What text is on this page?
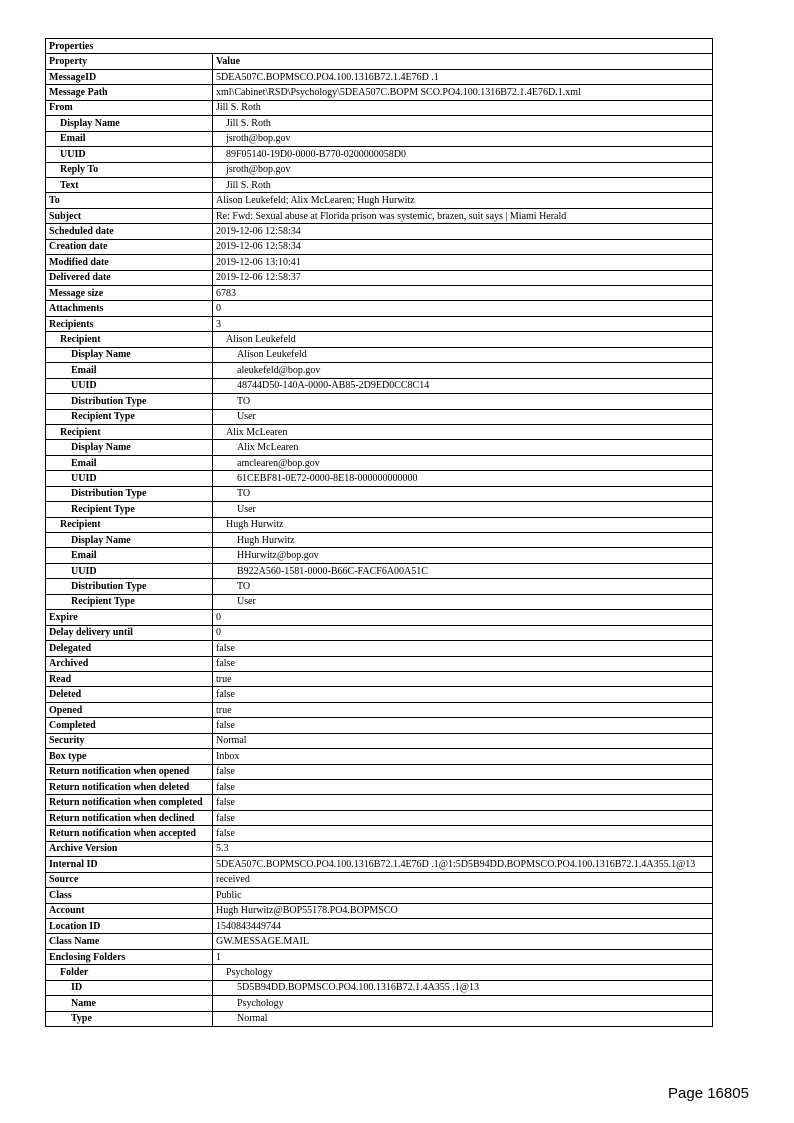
Properties	
Property	Value
MessageID	5DEA507C.BOPMSCO.PO4.100.1316B72.1.4E76D .1
Message Path	xml\Cabinet\RSD\Psychology\5DEA507C.BOPM SCO.PO4.100.1316B72.1.4E76D.1.xml
From	Jill S. Roth
Display Name	Jill S. Roth
Email	jsroth@bop.gov
UUID	89F05140-19D0-0000-B770-0200000058D0
Reply To	jsroth@bop.gov
Text	Jill S. Roth
To	Alison Leukefeld; Alix McLearen; Hugh Hurwitz
Subject	Re: Fwd: Sexual abuse at Florida prison was systemic, brazen, suit says | Miami Herald
Scheduled date	2019-12-06 12:58:34
Creation date	2019-12-06 12:58:34
Modified date	2019-12-06 13:10:41
Delivered date	2019-12-06 12:58:37
Message size	6783
Attachments	0
Recipients	3
Recipient	Alison Leukefeld
Display Name	Alison Leukefeld
Email	aleukefeld@bop.gov
UUID	48744D50-140A-0000-AB85-2D9ED0CC8C14
Distribution Type	TO
Recipient Type	User
Recipient	Alix McLearen
Display Name	Alix McLearen
Email	amclearen@bop.gov
UUID	61CEBF81-0E72-0000-8E18-000000000000
Distribution Type	TO
Recipient Type	User
Recipient	Hugh Hurwitz
Display Name	Hugh Hurwitz
Email	HHurwitz@bop.gov
UUID	B922A560-1581-0000-B66C-FACF6A00A51C
Distribution Type	TO
Recipient Type	User
Expire	0
Delay delivery until	0
Delegated	false
Archived	false
Read	true
Deleted	false
Opened	true
Completed	false
Security	Normal
Box type	Inbox
Return notification when opened	false
Return notification when deleted	false
Return notification when completed	false
Return notification when declined	false
Return notification when accepted	false
Archive Version	5.3
Internal ID	5DEA507C.BOPMSCO.PO4.100.1316B72.1.4E76D .1@1:5D5B94DD.BOPMSCO.PO4.100.1316B72.1.4A355.1@13
Source	received
Class	Public
Account	Hugh Hurwitz@BOP55178.PO4.BOPMSCO
Location ID	1540843449744
Class Name	GW.MESSAGE.MAIL
Enclosing Folders	1
Folder	Psychology
ID	5D5B94DD.BOPMSCO.PO4.100.1316B72.1.4A355 .1@13
Name	Psychology
Type	Normal
Page 16805
